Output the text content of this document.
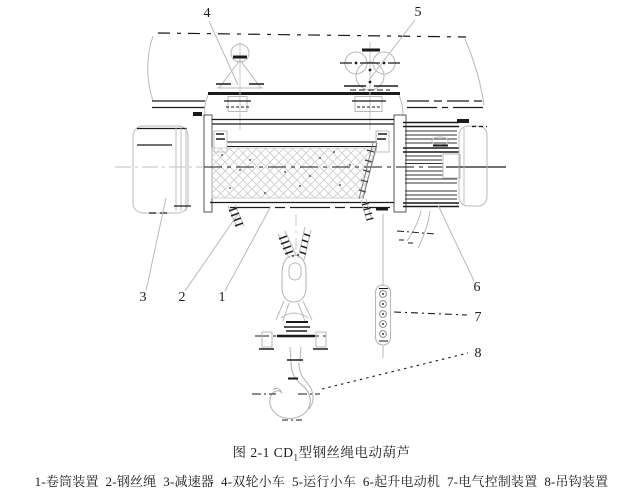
1
2
3
4	5
6
7
8
图 2-1 $CD_1$型钢丝绳电动葫芦
1-卷筒装置  2-钢丝绳  3-减速器  4-双轮小车  5-运行小车  6-起升电动机  7-电气控制装置  8-吊钩装置
